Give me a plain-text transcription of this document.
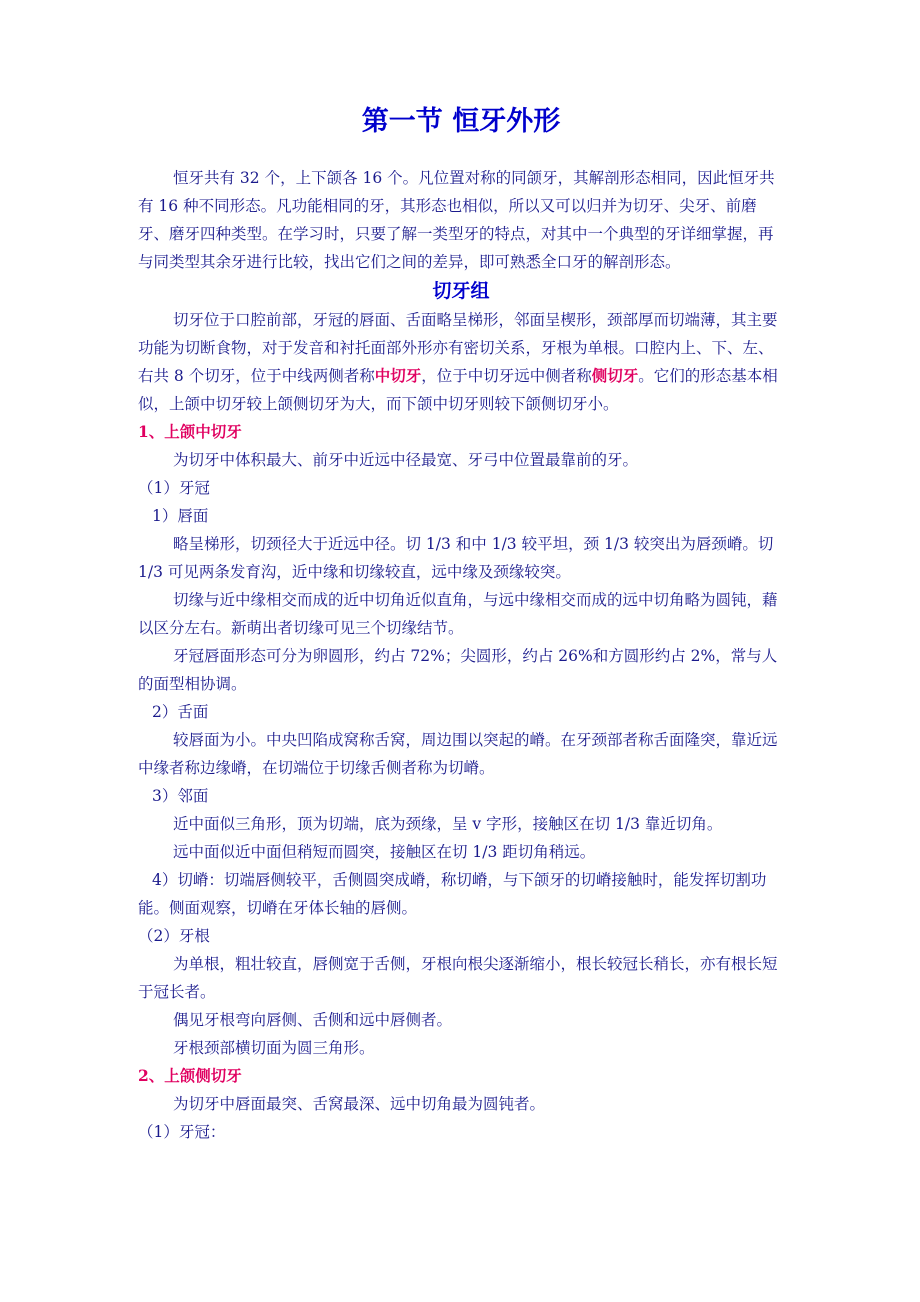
第一节 恒牙外形

恒牙共有 32 个，上下颌各 16 个。凡位置对称的同颌牙，其解剖形态相同，因此恒牙共有 16 种不同形态。凡功能相同的牙，其形态也相似，所以又可以归并为切牙、尖牙、前磨牙、磨牙四种类型。在学习时，只要了解一类型牙的特点，对其中一个典型的牙详细掌握，再与同类型其余牙进行比较，找出它们之间的差异，即可熟悉全口牙的解剖形态。

切牙组

切牙位于口腔前部，牙冠的唇面、舌面略呈梯形，邻面呈楔形，颈部厚而切端薄，其主要功能为切断食物，对于发音和衬托面部外形亦有密切关系，牙根为单根。口腔内上、下、左、右共 8 个切牙，位于中线两侧者称中切牙，位于中切牙远中侧者称侧切牙。它们的形态基本相似，上颌中切牙较上颌侧切牙为大，而下颌中切牙则较下颌侧切牙小。

1、上颌中切牙

为切牙中体积最大、前牙中近远中径最宽、牙弓中位置最靠前的牙。

（1）牙冠

1）唇面

略呈梯形，切颈径大于近远中径。切 1/3 和中 1/3 较平坦，颈 1/3 较突出为唇颈嵴。切 1/3 可见两条发育沟，近中缘和切缘较直，远中缘及颈缘较突。

切缘与近中缘相交而成的近中切角近似直角，与远中缘相交而成的远中切角略为圆钝，藉以区分左右。新萌出者切缘可见三个切缘结节。

牙冠唇面形态可分为卵圆形，约占 72%；尖圆形，约占 26%和方圆形约占 2%，常与人的面型相协调。

2）舌面

较唇面为小。中央凹陷成窝称舌窝，周边围以突起的嵴。在牙颈部者称舌面隆突，靠近远中缘者称边缘嵴，在切端位于切缘舌侧者称为切嵴。

3）邻面

近中面似三角形，顶为切端，底为颈缘，呈 v 字形，接触区在切 1/3 靠近切角。

远中面似近中面但稍短而圆突，接触区在切 1/3 距切角稍远。

4）切嵴：切端唇侧较平，舌侧圆突成嵴，称切嵴，与下颌牙的切嵴接触时，能发挥切割功能。侧面观察，切嵴在牙体长轴的唇侧。

（2）牙根

为单根，粗壮较直，唇侧宽于舌侧，牙根向根尖逐渐缩小，根长较冠长稍长，亦有根长短于冠长者。

偶见牙根弯向唇侧、舌侧和远中唇侧者。

牙根颈部横切面为圆三角形。

2、上颌侧切牙

为切牙中唇面最突、舌窝最深、远中切角最为圆钝者。

（1）牙冠：
